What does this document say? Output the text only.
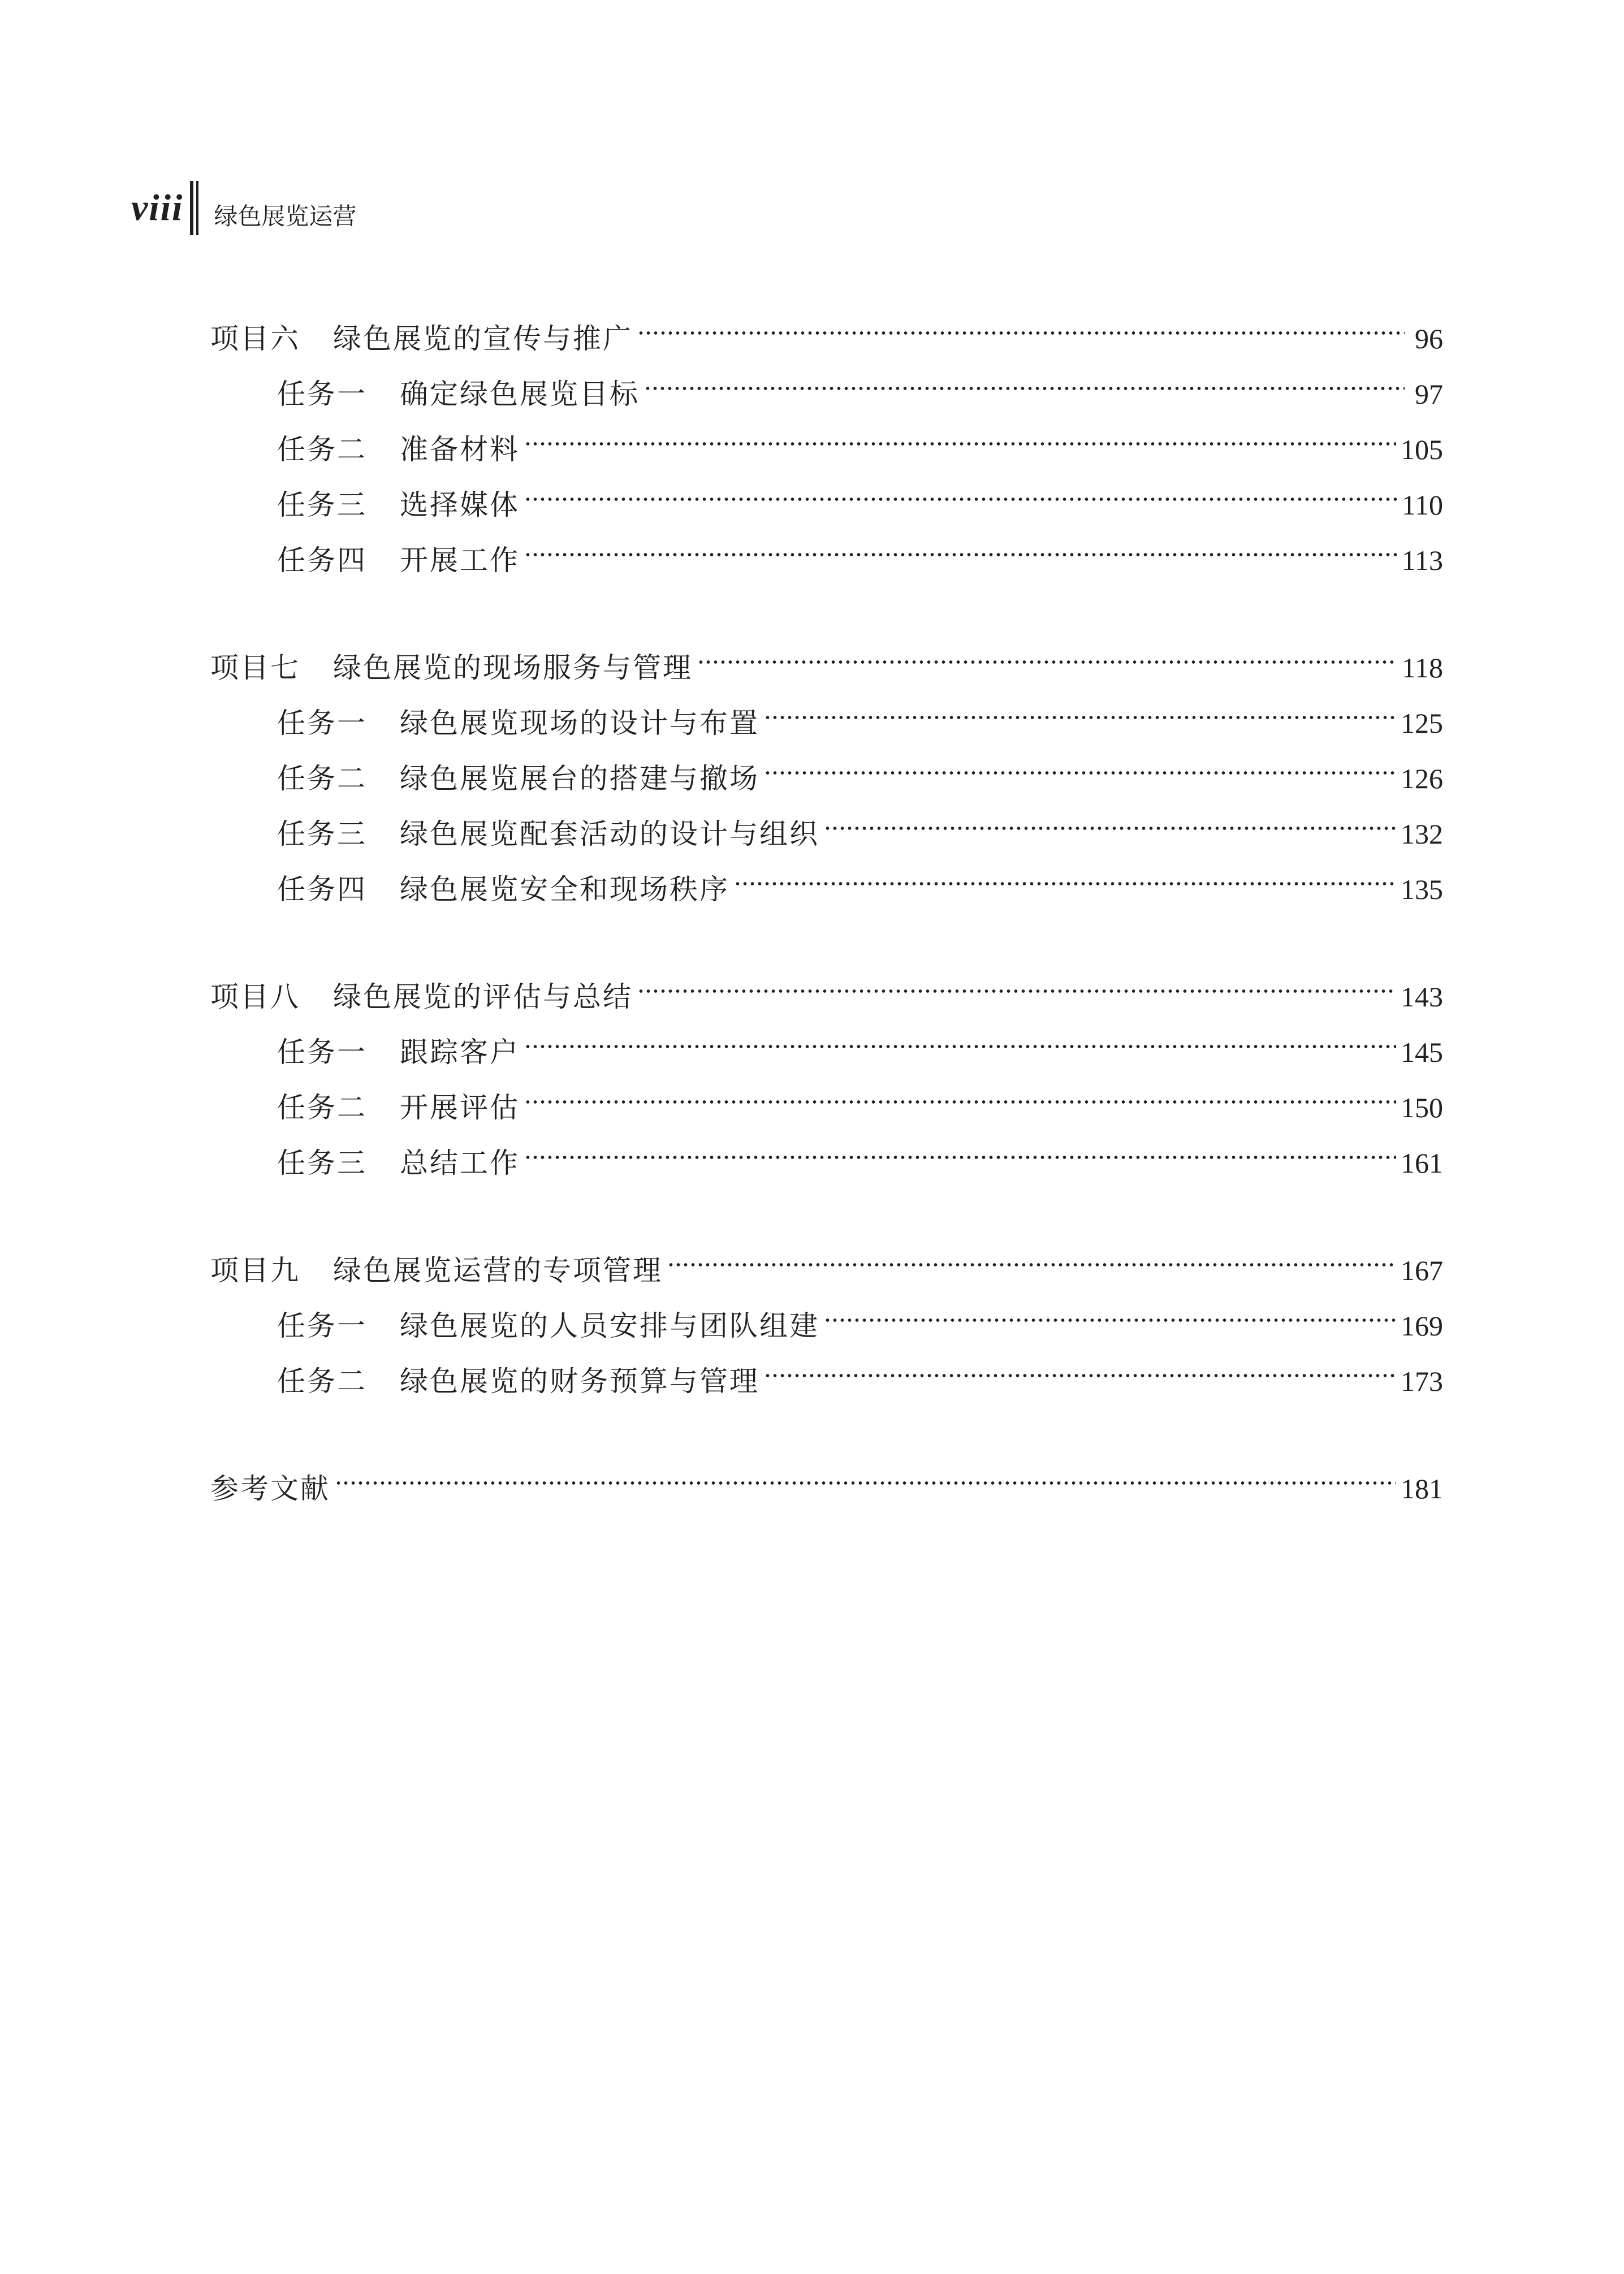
viii 绿色展览运营
项目六 绿色展览的宣传与推广	96
任务一 确定绿色展览目标	97
任务二 准备材料	105
任务三 选择媒体	110
任务四 开展工作	113
项目七 绿色展览的现场服务与管理	118
任务一 绿色展览现场的设计与布置	125
任务二 绿色展览展台的搭建与撤场	126
任务三 绿色展览配套活动的设计与组织	132
任务四 绿色展览安全和现场秩序	135
项目八 绿色展览的评估与总结	143
任务一 跟踪客户	145
任务二 开展评估	150
任务三 总结工作	161
项目九 绿色展览运营的专项管理	167
任务一 绿色展览的人员安排与团队组建	169
任务二 绿色展览的财务预算与管理	173
参考文献	181
